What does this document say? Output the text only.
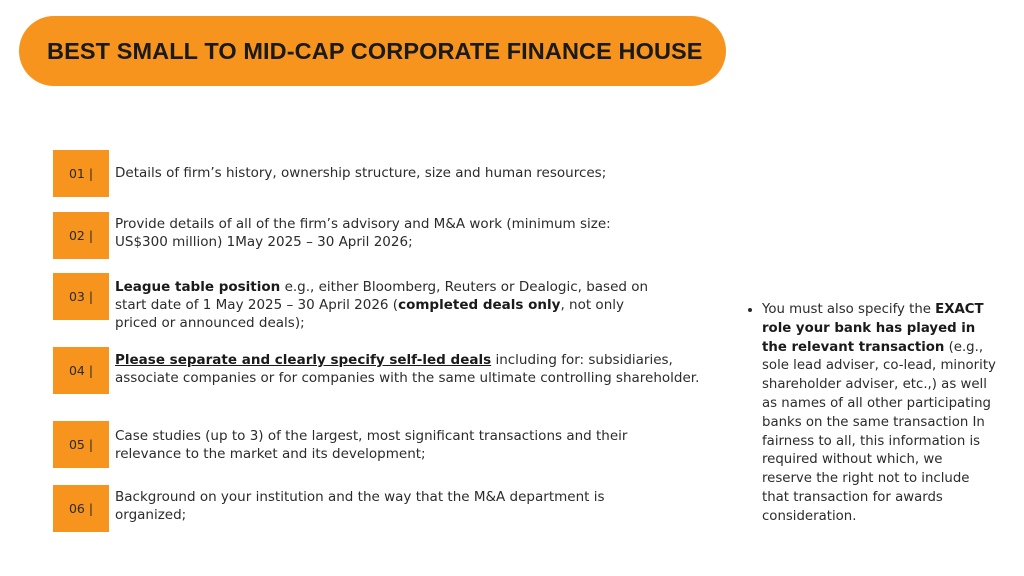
BEST SMALL TO MID-CAP CORPORATE FINANCE HOUSE
01 |	Details of firm’s history, ownership structure, size and human resources;
02 |
Provide details of all of the firm’s advisory and M&A work (minimum size: US$300 million) 1May 2025 – 30 April 2026;
03 |
League table position e.g., either Bloomberg, Reuters or Dealogic, based on start date of 1 May 2025 – 30 April 2026 (completed deals only, not only priced or announced deals);
04 |
Please separate and clearly specify self-led deals including for: subsidiaries, associate companies or for companies with the same ultimate controlling shareholder.
05 |
Case studies (up to 3) of the largest, most significant transactions and their relevance to the market and its development;
06 |
Background on your institution and the way that the M&A department is organized;
• You must also specify the EXACT role your bank has played in the relevant transaction (e.g., sole lead adviser, co-lead, minority shareholder adviser, etc.,) as well as names of all other participating banks on the same transaction In fairness to all, this information is required without which, we reserve the right not to include that transaction for awards consideration.
